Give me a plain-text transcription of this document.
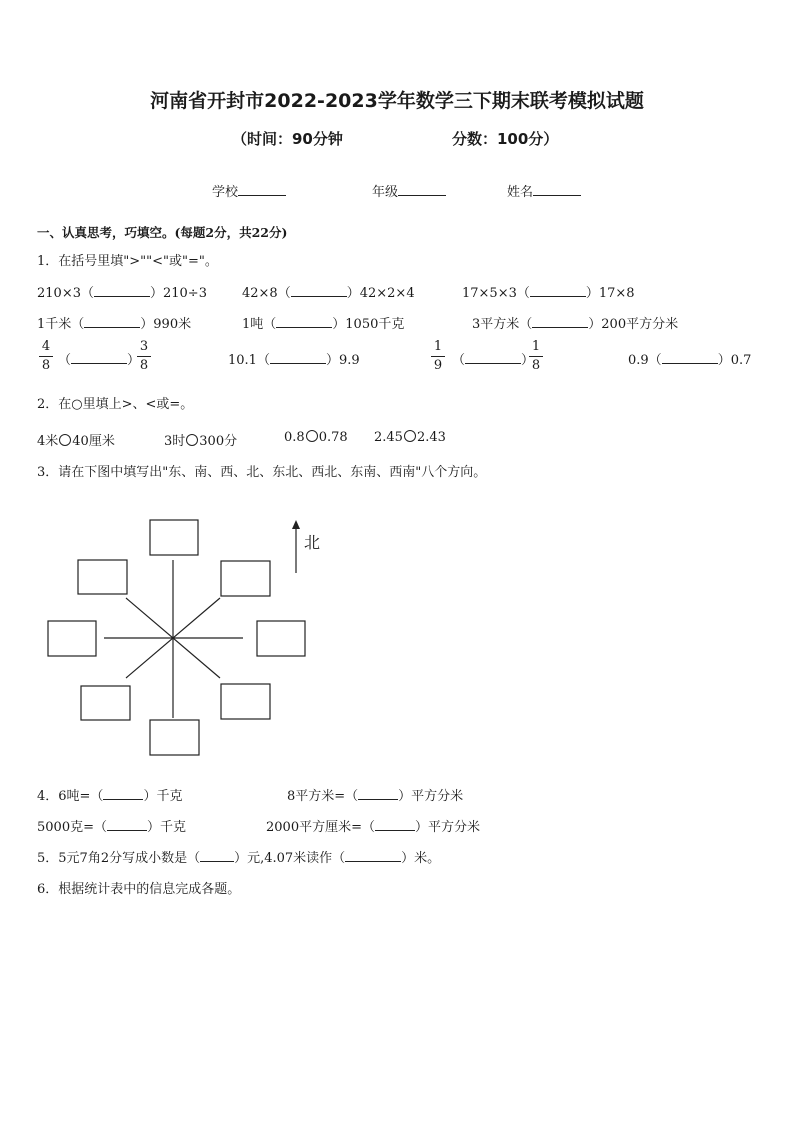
河南省开封市2022-2023学年数学三下期末联考模拟试题
（时间：90分钟	分数：100分）
学校	年级	姓名
一、认真思考，巧填空。(每题2分，共22分)
1．在括号里填">""<"或"="。
210×3（	）210÷3	42×8（	）42×2×4	17×5×3（	）17×8
1千米（	）990米	1吨（	）1050千克	3平方米（	）200平方分米
4
8 （	）
3
8	10.1（	）9.9
1
9 （	）
1
8	0.9（	）0.7
2．在○里填上>、<或=。
4米 40厘米	3时 300分	0.8 0.78 2.45 2.43
3．请在下图中填写出"东、南、西、北、东北、西北、东南、西南"八个方向。
北
4．6吨=（	）千克	8平方米=（	）平方分米
5000克=（	）千克	2000平方厘米=（	）平方分米
5．5元7角2分写成小数是（	）元,4.07米读作（	）米。
6．根据统计表中的信息完成各题。
